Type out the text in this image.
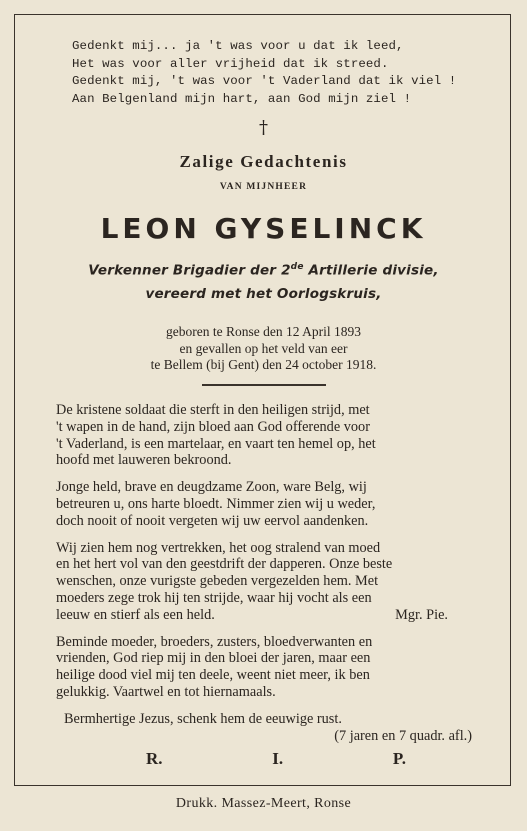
Gedenkt mij... ja 't was voor u dat ik leed,
Het was voor aller vrijheid dat ik streed.
Gedenkt mij, 't was voor 't Vaderland dat ik viel !
Aan Belgenland mijn hart, aan God mijn ziel !
†
Zalige Gedachtenis
VAN MIJNHEER
LEON GYSELINCK
Verkenner Brigadier der 2de Artillerie divisie,
vereerd met het Oorlogskruis,
geboren te Ronse den 12 April 1893
en gevallen op het veld van eer
te Bellem (bij Gent) den 24 october 1918.
De kristene soldaat die sterft in den heiligen strijd, met
't wapen in de hand, zijn bloed aan God offerende voor
't Vaderland, is een martelaar, en vaart ten hemel op, het
hoofd met lauweren bekroond.
Jonge held, brave en deugdzame Zoon, ware Belg, wij
betreuren u, ons harte bloedt. Nimmer zien wij u weder,
doch nooit of nooit vergeten wij uw eervol aandenken.
Wij zien hem nog vertrekken, het oog stralend van moed
en het hert vol van den geestdrift der dapperen. Onze beste
wenschen, onze vurigste gebeden vergezelden hem. Met
moeders zege trok hij ten strijde, waar hij vocht als een
leeuw en stierf als een held.	Mgr. Pie.
Beminde moeder, broeders, zusters, bloedverwanten en
vrienden, God riep mij in den bloei der jaren, maar een
heilige dood viel mij ten deele, weent niet meer, ik ben
gelukkig. Vaartwel en tot hiernamaals.
Bermhertige Jezus, schenk hem de eeuwige rust.
(7 jaren en 7 quadr. afl.)
R.	I.	P.
Drukk. Massez-Meert, Ronse
